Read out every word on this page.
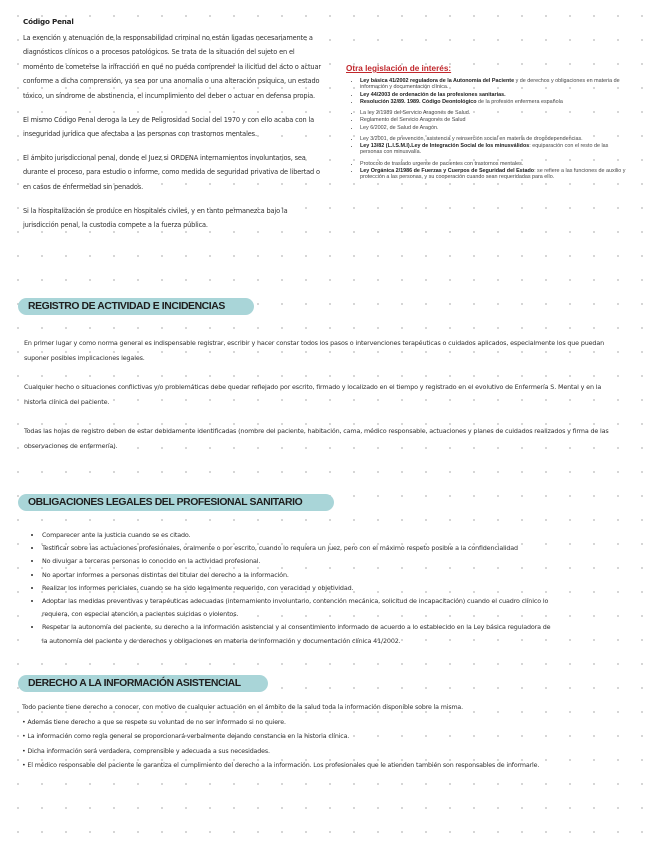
Código Penal

La exención y atenuación de la responsabilidad criminal no están ligadas necesariamente a diagnósticos clínicos o a procesos patológicos. Se trata de la situación del sujeto en el momento de cometerse la infracción en que no pueda comprender la ilicitud del acto o actuar conforme a dicha comprensión, ya sea por una anomalía o una alteración psíquica, un estado tóxico, un síndrome de abstinencia, el incumplimiento del deber o actuar en defensa propia.

El mismo Código Penal deroga la Ley de Peligrosidad Social del 1970 y con ello acaba con la inseguridad jurídica que afectaba a las personas con trastornos mentales.

El ámbito jurisdiccional penal, donde el Juez si ORDENA internamientos involuntarios, sea durante el proceso, para estudio o informe, como medida de seguridad privativa de libertad o en casos de enfermedad sin penados.

Si la hospitalización se produce en hospitales civiles, y en tanto permanezca bajo la jurisdicción penal, la custodia compete a la fuerza pública.

Otra legislación de interés:
• Ley básica 41/2002 reguladora de la Autonomía del Paciente y de derechos y obligaciones en materia de información y documentación clínica.
• Ley 44/2003 de ordenación de las profesiones sanitarias.
• Resolución 32/89. 1989. Código Deontológico de la profesión enfermera española
• La ley 2/1989 del Servicio Aragonés de Salud.
• Reglamento del Servicio Aragonés de Salud
• Ley 6/2002, de Salud de Aragón.
• Ley 3/2001, de prevención, asistencia y reinserción social en materia de drogodependencias.
• Ley 13/82 (L.I.S.M.I).Ley de Integración Social de los minusválidos: equiparación con el resto de las personas con minusvalía.
• Protocolo de traslado urgente de pacientes con trastornos mentales.
• Ley Orgánica 2/1986 de Fuerzas y Cuerpos de Seguridad del Estado: se refiere a las funciones de auxilio y protección a las personas, y su cooperación cuando sean requeridadas para ello.
REGISTRO DE ACTIVIDAD E INCIDENCIAS

En primer lugar y como norma general es indispensable registrar, escribir y hacer constar todos los pasos o intervenciones terapéuticas o cuidados aplicados, especialmente los que puedan suponer posibles implicaciones legales.

Cualquier hecho o situaciones conflictivas y/o problemáticas debe quedar reflejado por escrito, firmado y localizado en el tiempo y registrado en el evolutivo de Enfermería S. Mental y en la historia clínica del paciente.

Todas las hojas de registro deben de estar debidamente identificadas (nombre del paciente, habitación, cama, médico responsable, actuaciones y planes de cuidados realizados y firma de las observaciones de enfermería).

OBLIGACIONES LEGALES DEL PROFESIONAL SANITARIO
• Comparecer ante la justicia cuando se es citado.
• Testificar sobre las actuaciones profesionales, oralmente o por escrito, cuando lo requiera un juez, pero con el máximo respeto posible a la confidencialidad
• No divulgar a terceras personas lo conocido en la actividad profesional.
• No aportar informes a personas distintas del titular del derecho a la información.
• Realizar los informes periciales, cuando se ha sido legalmente requerido, con veracidad y objetividad.
• Adoptar las medidas preventivas y terapéuticas adecuadas (internamiento involuntario, contención mecánica, solicitud de incapacitación) cuando el cuadro clínico lo requiera, con especial atención a pacientes suicidas o violentos.
• Respetar la autonomía del paciente, su derecho a la información asistencial y al consentimiento informado de acuerdo a lo establecido en la Ley básica reguladora de la autonomía del paciente y de derechos y obligaciones en materia de información y documentación clínica 41/2002.
DERECHO A LA INFORMACIÓN ASISTENCIAL
Todo paciente tiene derecho a conocer, con motivo de cualquier actuación en el ámbito de la salud toda la información disponible sobre la misma.
• Además tiene derecho a que se respete su voluntad de no ser informado si no quiere.
• La información como regla general se proporcionará verbalmente dejando constancia en la historia clínica.
• Dicha información será verdadera, comprensible y adecuada a sus necesidades.
• El médico responsable del paciente le garantiza el cumplimiento del derecho a la información. Los profesionales que le atienden también son responsables de informarle.
